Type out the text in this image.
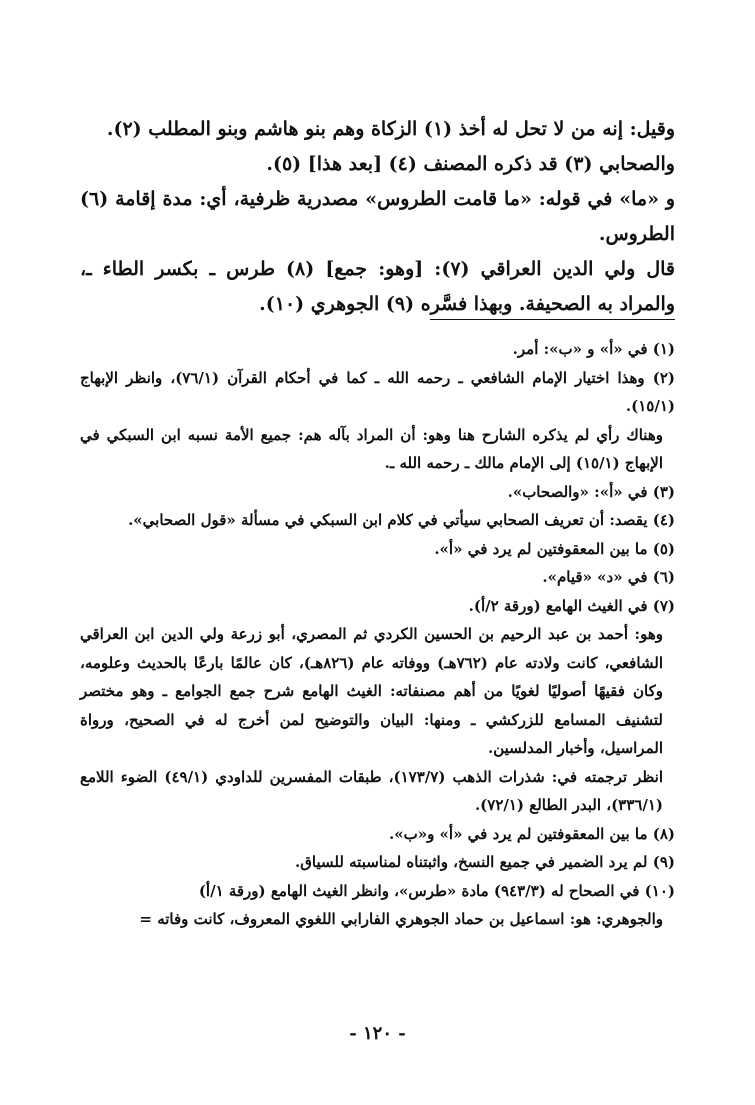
وقيل: إنه من لا تحل له أخذ (١) الزكاة وهم بنو هاشم وبنو المطلب (٢).

والصحابي (٣) قد ذكره المصنف (٤) [بعد هذا] (٥).

و «ما» في قوله: «ما قامت الطروس» مصدرية ظرفية، أي: مدة إقامة (٦) الطروس.

قال ولي الدين العراقي (٧): [وهو: جمع] (٨) طرس ـ بكسر الطاء ـ، والمراد به الصحيفة. وبهذا فسَّره (٩) الجوهري (١٠).

(١) في «أ» و «ب»: أمر.

(٢) وهذا اختيار الإمام الشافعي ـ رحمه الله ـ كما في أحكام القرآن (٧٦/١)، وانظر الإبهاج (١٥/١).

وهناك رأي لم يذكره الشارح هنا وهو: أن المراد بآله هم: جميع الأمة نسبه ابن السبكي في الإبهاج (١٥/١) إلى الإمام مالك ـ رحمه الله ـ.

(٣) في «أ»: «والصحاب».

(٤) يقصد: أن تعريف الصحابي سيأتي في كلام ابن السبكي في مسألة «قول الصحابي».

(٥) ما بين المعقوفتين لم يرد في «أ».

(٦) في «د» «قيام».

(٧) في الغيث الهامع (ورقة ٢/أ).

وهو: أحمد بن عبد الرحيم بن الحسين الكردي ثم المصري، أبو زرعة ولي الدين ابن العراقي الشافعي، كانت ولادته عام (٧٦٢هـ) ووفاته عام (٨٢٦هـ)، كان عالمًا بارعًا بالحديث وعلومه، وكان فقيهًا أصوليًا لغويًا من أهم مصنفاته: الغيث الهامع شرح جمع الجوامع ـ وهو مختصر لتشنيف المسامع للزركشي ـ ومنها: البيان والتوضيح لمن أخرج له في الصحيح، ورواة المراسيل، وأخبار المدلسين.

انظر ترجمته في: شذرات الذهب (١٧٣/٧)، طبقات المفسرين للداودي (٤٩/١) الضوء اللامع (٣٣٦/١)، البدر الطالع (٧٢/١).

(٨) ما بين المعقوفتين لم يرد في «أ» و«ب».

(٩) لم يرد الضمير في جميع النسخ، واثبتناه لمناسبته للسياق.

(١٠) في الصحاح له (٩٤٣/٣) مادة «طرس»، وانظر الغيث الهامع (ورقة ١/أ)

والجوهري: هو: اسماعيل بن حماد الجوهري الفارابي اللغوي المعروف، كانت وفاته =

- ١٢٠ -
